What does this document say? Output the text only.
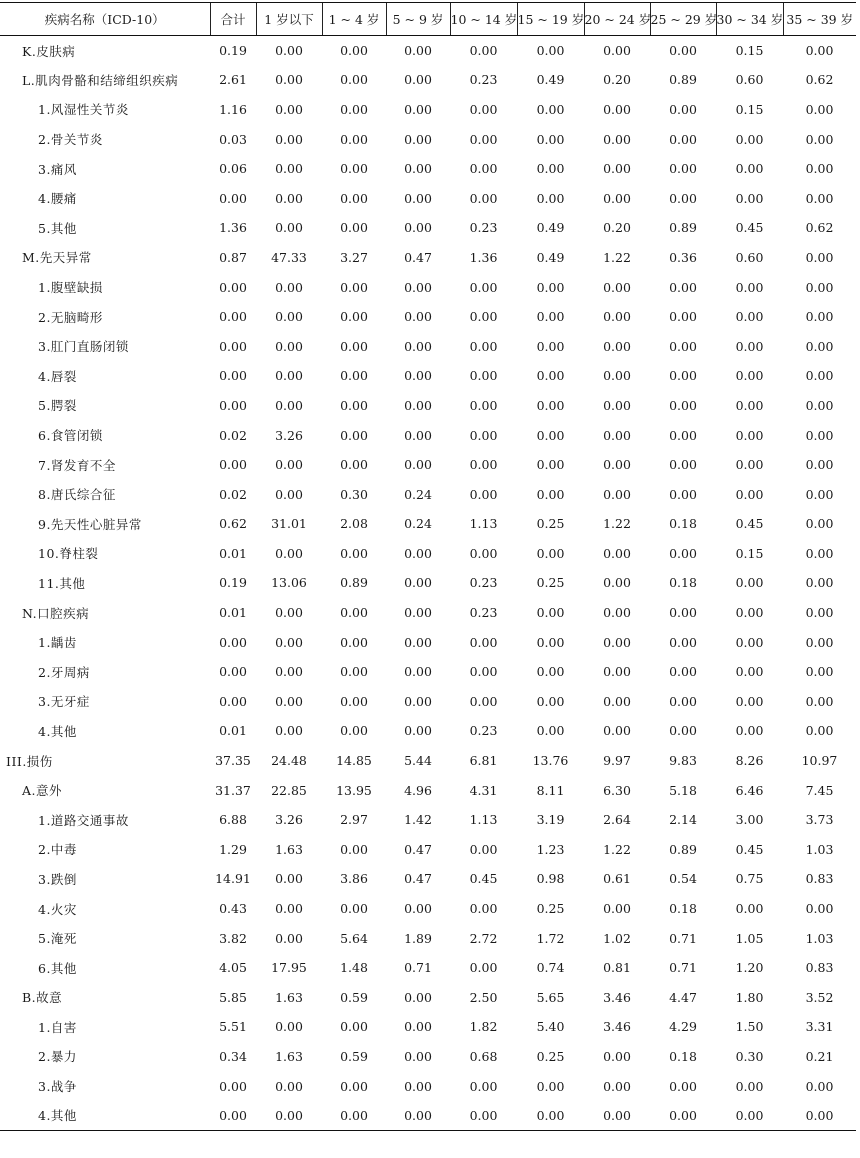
疾病名称（ICD-10）	合计	1 岁以下	1 ~ 4 岁	5 ~ 9 岁	10 ~ 14 岁	15 ~ 19 岁	20 ~ 24 岁	25 ~ 29 岁	30 ~ 34 岁	35 ~ 39 岁
K.皮肤病	0.19	0.00	0.00	0.00	0.00	0.00	0.00	0.00	0.15	0.00
L.肌肉骨骼和结缔组织疾病	2.61	0.00	0.00	0.00	0.23	0.49	0.20	0.89	0.60	0.62
1.风湿性关节炎	1.16	0.00	0.00	0.00	0.00	0.00	0.00	0.00	0.15	0.00
2.骨关节炎	0.03	0.00	0.00	0.00	0.00	0.00	0.00	0.00	0.00	0.00
3.痛风	0.06	0.00	0.00	0.00	0.00	0.00	0.00	0.00	0.00	0.00
4.腰痛	0.00	0.00	0.00	0.00	0.00	0.00	0.00	0.00	0.00	0.00
5.其他	1.36	0.00	0.00	0.00	0.23	0.49	0.20	0.89	0.45	0.62
M.先天异常	0.87	47.33	3.27	0.47	1.36	0.49	1.22	0.36	0.60	0.00
1.腹壁缺损	0.00	0.00	0.00	0.00	0.00	0.00	0.00	0.00	0.00	0.00
2.无脑畸形	0.00	0.00	0.00	0.00	0.00	0.00	0.00	0.00	0.00	0.00
3.肛门直肠闭锁	0.00	0.00	0.00	0.00	0.00	0.00	0.00	0.00	0.00	0.00
4.唇裂	0.00	0.00	0.00	0.00	0.00	0.00	0.00	0.00	0.00	0.00
5.腭裂	0.00	0.00	0.00	0.00	0.00	0.00	0.00	0.00	0.00	0.00
6.食管闭锁	0.02	3.26	0.00	0.00	0.00	0.00	0.00	0.00	0.00	0.00
7.肾发育不全	0.00	0.00	0.00	0.00	0.00	0.00	0.00	0.00	0.00	0.00
8.唐氏综合征	0.02	0.00	0.30	0.24	0.00	0.00	0.00	0.00	0.00	0.00
9.先天性心脏异常	0.62	31.01	2.08	0.24	1.13	0.25	1.22	0.18	0.45	0.00
10.脊柱裂	0.01	0.00	0.00	0.00	0.00	0.00	0.00	0.00	0.15	0.00
11.其他	0.19	13.06	0.89	0.00	0.23	0.25	0.00	0.18	0.00	0.00
N.口腔疾病	0.01	0.00	0.00	0.00	0.23	0.00	0.00	0.00	0.00	0.00
1.龋齿	0.00	0.00	0.00	0.00	0.00	0.00	0.00	0.00	0.00	0.00
2.牙周病	0.00	0.00	0.00	0.00	0.00	0.00	0.00	0.00	0.00	0.00
3.无牙症	0.00	0.00	0.00	0.00	0.00	0.00	0.00	0.00	0.00	0.00
4.其他	0.01	0.00	0.00	0.00	0.23	0.00	0.00	0.00	0.00	0.00
III.损伤	37.35	24.48	14.85	5.44	6.81	13.76	9.97	9.83	8.26	10.97
A.意外	31.37	22.85	13.95	4.96	4.31	8.11	6.30	5.18	6.46	7.45
1.道路交通事故	6.88	3.26	2.97	1.42	1.13	3.19	2.64	2.14	3.00	3.73
2.中毒	1.29	1.63	0.00	0.47	0.00	1.23	1.22	0.89	0.45	1.03
3.跌倒	14.91	0.00	3.86	0.47	0.45	0.98	0.61	0.54	0.75	0.83
4.火灾	0.43	0.00	0.00	0.00	0.00	0.25	0.00	0.18	0.00	0.00
5.淹死	3.82	0.00	5.64	1.89	2.72	1.72	1.02	0.71	1.05	1.03
6.其他	4.05	17.95	1.48	0.71	0.00	0.74	0.81	0.71	1.20	0.83
B.故意	5.85	1.63	0.59	0.00	2.50	5.65	3.46	4.47	1.80	3.52
1.自害	5.51	0.00	0.00	0.00	1.82	5.40	3.46	4.29	1.50	3.31
2.暴力	0.34	1.63	0.59	0.00	0.68	0.25	0.00	0.18	0.30	0.21
3.战争	0.00	0.00	0.00	0.00	0.00	0.00	0.00	0.00	0.00	0.00
4.其他	0.00	0.00	0.00	0.00	0.00	0.00	0.00	0.00	0.00	0.00
